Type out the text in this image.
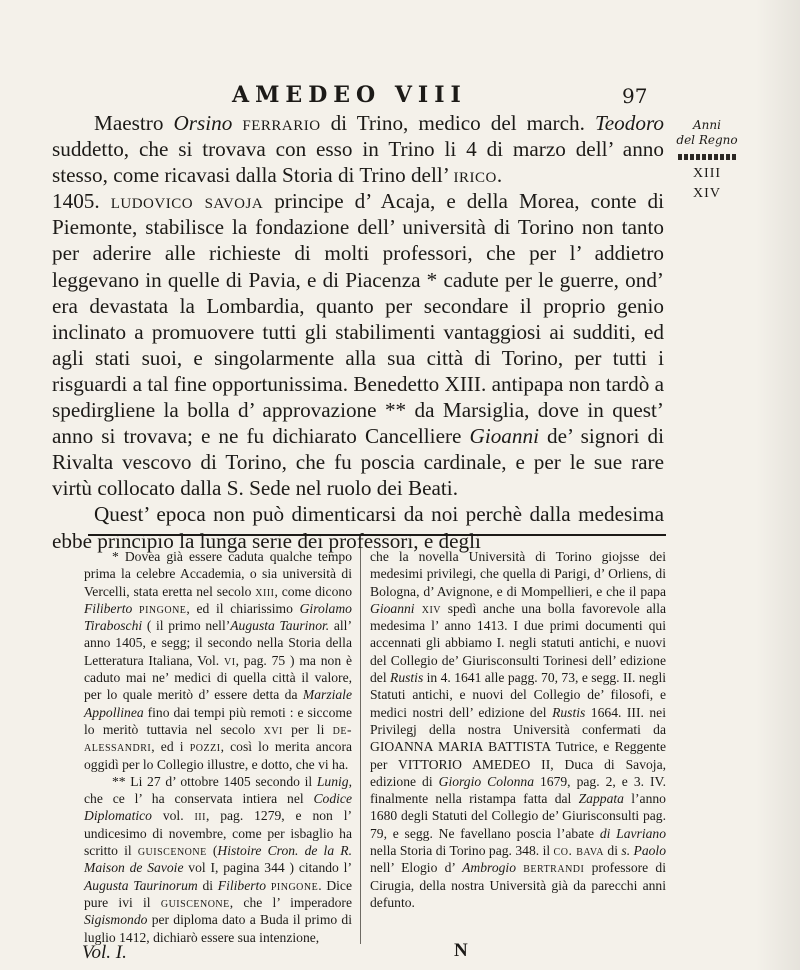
AMEDEO VIII	97
Anni
del Regno
XIII
XIV

Maestro Orsino ferrario di Trino, medico del march. Teodoro suddetto, che si trovava con esso in Trino li 4 di marzo dell’ anno stesso, come ricavasi dalla Storia di Trino dell’ irico.

1405. ludovico savoja principe d’ Acaja, e della Morea, conte di Piemonte, stabilisce la fondazione dell’ università di Torino non tanto per aderire alle richieste di molti professori, che per l’ addietro leggevano in quelle di Pavia, e di Piacenza * cadute per le guerre, ond’ era devastata la Lombardia, quanto per secondare il proprio genio inclinato a promuovere tutti gli stabilimenti vantaggiosi ai sudditi, ed agli stati suoi, e singolarmente alla sua città di Torino, per tutti i risguardi a tal fine opportunissima. Benedetto XIII. antipapa non tardò a spedirgliene la bolla d’ approvazione ** da Marsiglia, dove in quest’ anno si trovava; e ne fu dichiarato Cancelliere Gioanni de’ signori di Rivalta vescovo di Torino, che fu poscia cardinale, e per le sue rare virtù collocato dalla S. Sede nel ruolo dei Beati.

Quest’ epoca non può dimenticarsi da noi perchè dalla medesima ebbe principio la lunga serie dei professori, e degli

* Dovea già essere caduta qualche tempo prima la celebre Accademia, o sia università di Vercelli, stata eretta nel secolo xiii, come dicono Filiberto pingone, ed il chiarissimo Girolamo Tiraboschi ( il primo nell’Augusta Taurinor. all’ anno 1405, e segg; il secondo nella Storia della Letteratura Italiana, Vol. vi, pag. 75 ) ma non è caduto mai ne’ medici di quella città il valore, per lo quale meritò d’ essere detta da Marziale Appollinea fino dai tempi più remoti : e siccome lo meritò tuttavia nel secolo xvi per li de-alessandri, ed i pozzi, così lo merita ancora oggidì per lo Collegio illustre, e dotto, che vi ha.

** Li 27 d’ ottobre 1405 secondo il Lunig, che ce l’ ha conservata intiera nel Codice Diplomatico vol. iii, pag. 1279, e non l’ undicesimo di novembre, come per isbaglio ha scritto il guiscenone (Histoire Cron. de la R. Maison de Savoie vol I, pagina 344 ) citando l’ Augusta Taurinorum di Filiberto pingone. Dice pure ivi il guiscenone, che l’ imperadore Sigismondo per diploma dato a Buda il primo di luglio 1412, dichiarò essere sua intenzione,

che la novella Università di Torino giojsse dei medesimi privilegi, che quella di Parigi, d’ Orliens, di Bologna, d’ Avignone, e di Mompellieri, e che il papa Gioanni xiv spedì anche una bolla favorevole alla medesima l’ anno 1413. I due primi documenti qui accennati gli abbiamo I. negli statuti antichi, e nuovi del Collegio de’ Giurisconsulti Torinesi dell’ edizione del Rustis in 4. 1641 alle pagg. 70, 73, e segg. II. negli Statuti antichi, e nuovi del Collegio de’ filosofi, e medici nostri dell’ edizione del Rustis 1664. III. nei Privilegj della nostra Università confermati da GIOANNA MARIA BATTISTA Tutrice, e Reggente per VITTORIO AMEDEO II, Duca di Savoja, edizione di Giorgio Colonna 1679, pag. 2, e 3. IV. finalmente nella ristampa fatta dal Zappata l’anno 1680 degli Statuti del Collegio de’ Giurisconsulti pag. 79, e segg. Ne favellano poscia l’abate di Lavriano nella Storia di Torino pag. 348. il co. bava di s. Paolo nell’ Elogio d’ Ambrogio bertrandi professore di Cirugia, della nostra Università già da parecchi anni defunto.

Vol. I.	N
